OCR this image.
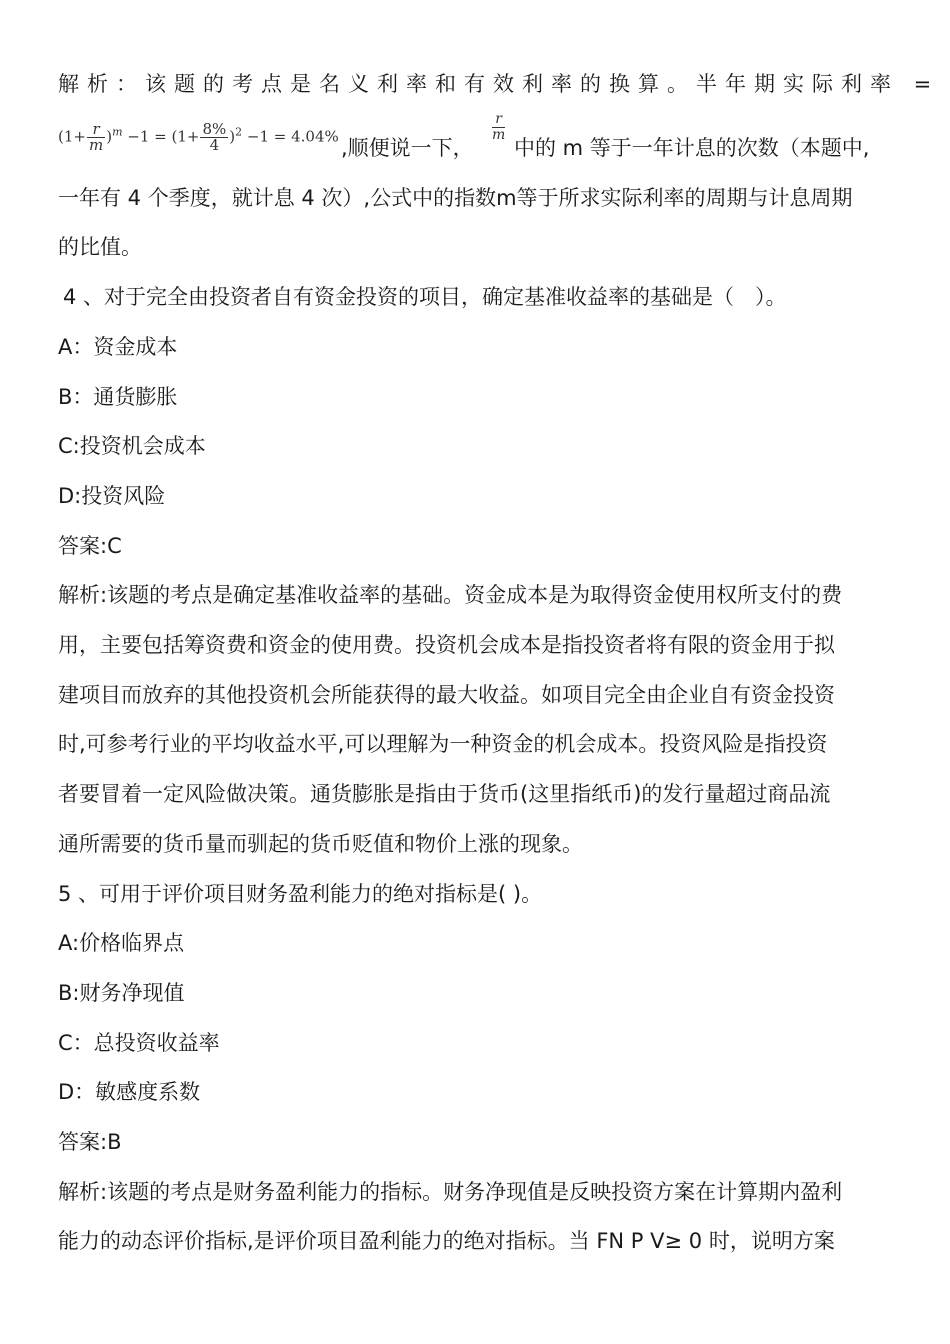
解析：该题的考点是名义利率和有效利率的换算。半年期实际利率 =
$(1+ \frac{r}{m} )^m -1 = (1+ \frac{8\%}{4} )^2 -1 = 4.04\%$ ,顺便说一下，
$\frac{r}{m}$
中的 m 等于一年计息的次数（本题中,
一年有 4 个季度，就计息 4 次）,公式中的指数m等于所求实际利率的周期与计息周期
的比值。
4 、对于完全由投资者自有资金投资的项目，确定基准收益率的基础是（　）。
A：资金成本
B：通货膨胀
C:投资机会成本
D:投资风险
答案:C
解析:该题的考点是确定基准收益率的基础。资金成本是为取得资金使用权所支付的费
用，主要包括筹资费和资金的使用费。投资机会成本是指投资者将有限的资金用于拟
建项目而放弃的其他投资机会所能获得的最大收益。如项目完全由企业自有资金投资
时,可参考行业的平均收益水平,可以理解为一种资金的机会成本。投资风险是指投资
者要冒着一定风险做决策。通货膨胀是指由于货币(这里指纸币)的发行量超过商品流
通所需要的货币量而驯起的货币贬值和物价上涨的现象。
5 、可用于评价项目财务盈利能力的绝对指标是( )。
A:价格临界点
B:财务净现值
C：总投资收益率
D：敏感度系数
答案:B
解析:该题的考点是财务盈利能力的指标。财务净现值是反映投资方案在计算期内盈利
能力的动态评价指标,是评价项目盈利能力的绝对指标。当 FN P V≥ 0 时，说明方案
